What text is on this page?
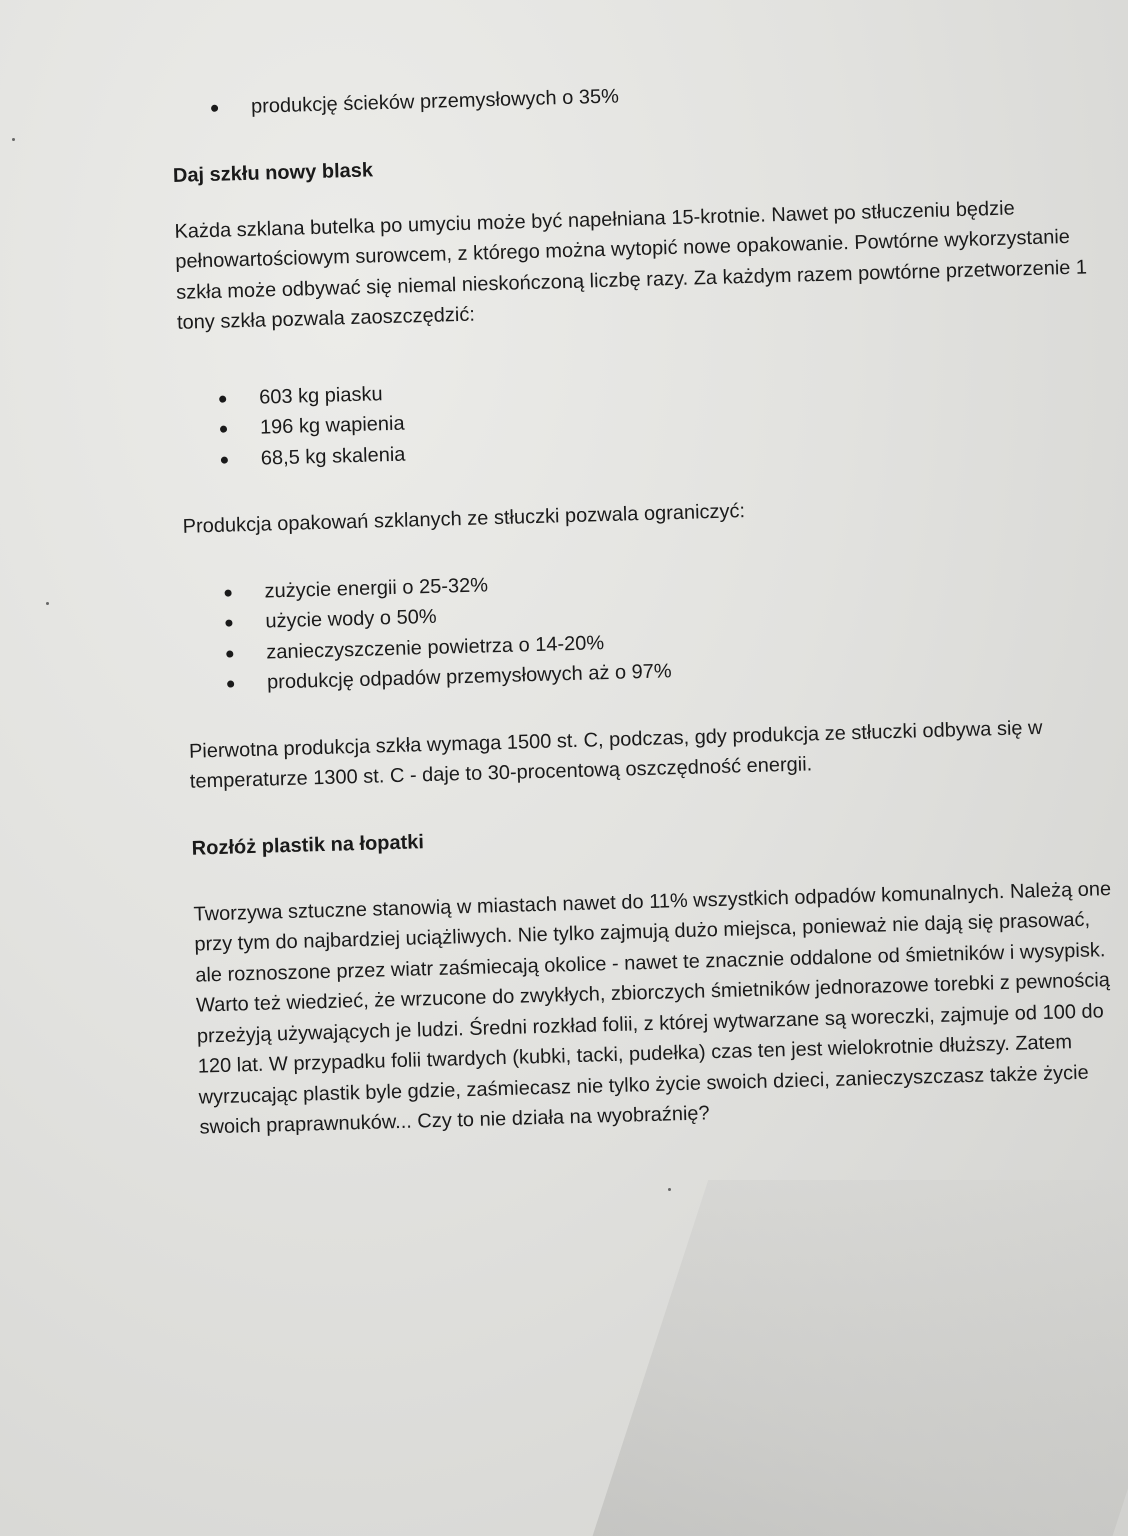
produkcję ścieków przemysłowych o 35%
Daj szkłu nowy blask

Każda szklana butelka po umyciu może być napełniana 15-krotnie. Nawet po stłuczeniu będzie pełnowartościowym surowcem, z którego można wytopić nowe opakowanie. Powtórne wykorzystanie szkła może odbywać się niemal nieskończoną liczbę razy. Za każdym razem powtórne przetworzenie 1 tony szkła pozwala zaoszczędzić:

603 kg piasku
196 kg wapienia
68,5 kg skalenia

Produkcja opakowań szklanych ze stłuczki pozwala ograniczyć:

zużycie energii o 25-32%
użycie wody o 50%
zanieczyszczenie powietrza o 14-20%
produkcję odpadów przemysłowych aż o 97%

Pierwotna produkcja szkła wymaga 1500 st. C, podczas, gdy produkcja ze stłuczki odbywa się w temperaturze 1300 st. C - daje to 30-procentową oszczędność energii.

Rozłóż plastik na łopatki

Tworzywa sztuczne stanowią w miastach nawet do 11% wszystkich odpadów komunalnych. Należą one przy tym do najbardziej uciążliwych. Nie tylko zajmują dużo miejsca, ponieważ nie dają się prasować, ale roznoszone przez wiatr zaśmiecają okolice - nawet te znacznie oddalone od śmietników i wysypisk. Warto też wiedzieć, że wrzucone do zwykłych, zbiorczych śmietników jednorazowe torebki z pewnością przeżyją używających je ludzi. Średni rozkład folii, z której wytwarzane są woreczki, zajmuje od 100 do 120 lat. W przypadku folii twardych (kubki, tacki, pudełka) czas ten jest wielokrotnie dłuższy. Zatem wyrzucając plastik byle gdzie, zaśmiecasz nie tylko życie swoich dzieci, zanieczyszczasz także życie swoich praprawnuków... Czy to nie działa na wyobraźnię?
